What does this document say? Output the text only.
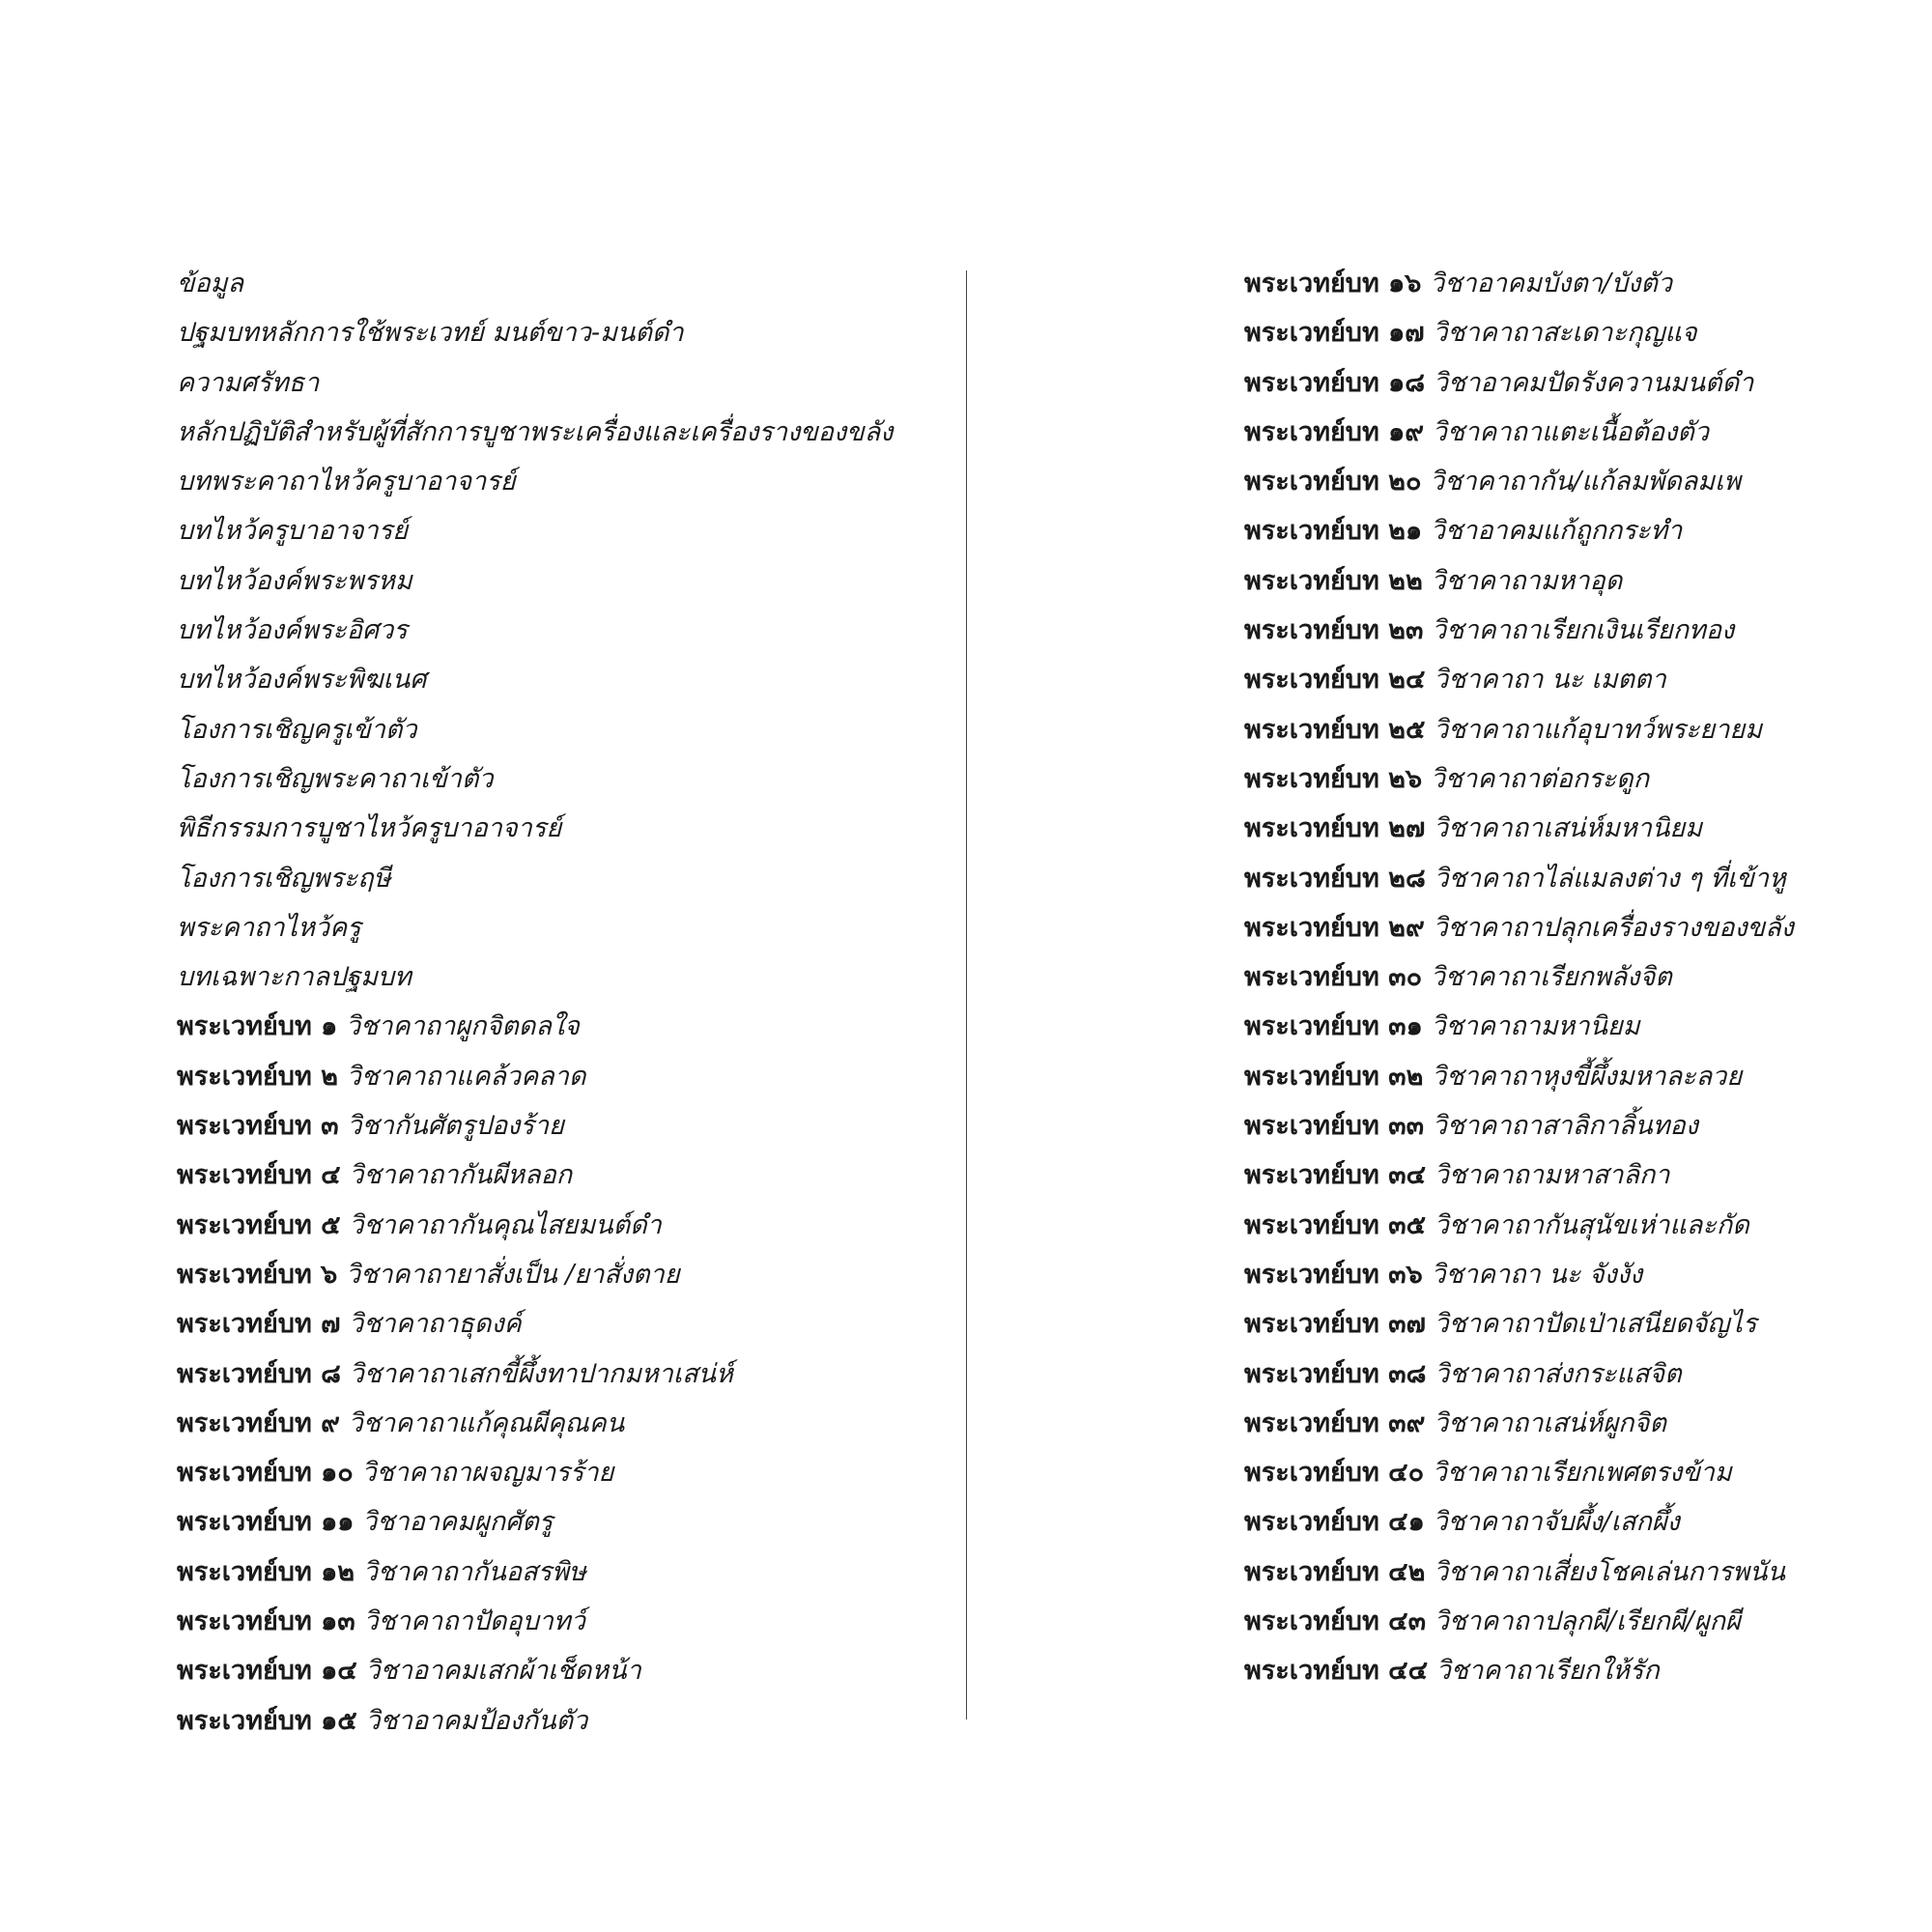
ข้อมูล
ปฐมบทหลักการใช้พระเวทย์ มนต์ขาว-มนต์ดำ
ความศรัทธา
หลักปฏิบัติสำหรับผู้ที่สักการบูชาพระเครื่องและเครื่องรางของขลัง
บทพระคาถาไหว้ครูบาอาจารย์
บทไหว้ครูบาอาจารย์
บทไหว้องค์พระพรหม
บทไหว้องค์พระอิศวร
บทไหว้องค์พระพิฆเนศ
โองการเชิญครูเข้าตัว
โองการเชิญพระคาถาเข้าตัว
พิธีกรรมการบูชาไหว้ครูบาอาจารย์
โองการเชิญพระฤษี
พระคาถาไหว้ครู
บทเฉพาะกาลปฐมบท
พระเวทย์บท ๑ วิชาคาถาผูกจิตดลใจ
พระเวทย์บท ๒ วิชาคาถาแคล้วคลาด
พระเวทย์บท ๓ วิชากันศัตรูปองร้าย
พระเวทย์บท ๔ วิชาคาถากันผีหลอก
พระเวทย์บท ๕ วิชาคาถากันคุณไสยมนต์ดำ
พระเวทย์บท ๖ วิชาคาถายาสั่งเป็น /ยาสั่งตาย
พระเวทย์บท ๗ วิชาคาถาธุดงค์
พระเวทย์บท ๘ วิชาคาถาเสกขี้ผึ้งทาปากมหาเสน่ห์
พระเวทย์บท ๙ วิชาคาถาแก้คุณผีคุณคน
พระเวทย์บท ๑๐ วิชาคาถาผจญมารร้าย
พระเวทย์บท ๑๑ วิชาอาคมผูกศัตรู
พระเวทย์บท ๑๒ วิชาคาถากันอสรพิษ
พระเวทย์บท ๑๓ วิชาคาถาปัดอุบาทว์
พระเวทย์บท ๑๔ วิชาอาคมเสกผ้าเช็ดหน้า
พระเวทย์บท ๑๕ วิชาอาคมป้องกันตัว
พระเวทย์บท ๑๖ วิชาอาคมบังตา/บังตัว
พระเวทย์บท ๑๗ วิชาคาถาสะเดาะกุญแจ
พระเวทย์บท ๑๘ วิชาอาคมปัดรังควานมนต์ดำ
พระเวทย์บท ๑๙ วิชาคาถาแตะเนื้อต้องตัว
พระเวทย์บท ๒๐ วิชาคาถากัน/แก้ลมพัดลมเพ
พระเวทย์บท ๒๑ วิชาอาคมแก้ถูกกระทำ
พระเวทย์บท ๒๒ วิชาคาถามหาอุด
พระเวทย์บท ๒๓ วิชาคาถาเรียกเงินเรียกทอง
พระเวทย์บท ๒๔ วิชาคาถา นะ เมตตา
พระเวทย์บท ๒๕ วิชาคาถาแก้อุบาทว์พระยายม
พระเวทย์บท ๒๖ วิชาคาถาต่อกระดูก
พระเวทย์บท ๒๗ วิชาคาถาเสน่ห์มหานิยม
พระเวทย์บท ๒๘ วิชาคาถาไล่แมลงต่าง ๆ ที่เข้าหู
พระเวทย์บท ๒๙ วิชาคาถาปลุกเครื่องรางของขลัง
พระเวทย์บท ๓๐ วิชาคาถาเรียกพลังจิต
พระเวทย์บท ๓๑ วิชาคาถามหานิยม
พระเวทย์บท ๓๒ วิชาคาถาหุงขี้ผึ้งมหาละลวย
พระเวทย์บท ๓๓ วิชาคาถาสาลิกาลิ้นทอง
พระเวทย์บท ๓๔ วิชาคาถามหาสาลิกา
พระเวทย์บท ๓๕ วิชาคาถากันสุนัขเห่าและกัด
พระเวทย์บท ๓๖ วิชาคาถา นะ จังงัง
พระเวทย์บท ๓๗ วิชาคาถาปัดเป่าเสนียดจัญไร
พระเวทย์บท ๓๘ วิชาคาถาส่งกระแสจิต
พระเวทย์บท ๓๙ วิชาคาถาเสน่ห์ผูกจิต
พระเวทย์บท ๔๐ วิชาคาถาเรียกเพศตรงข้าม
พระเวทย์บท ๔๑ วิชาคาถาจับผึ้ง/เสกผึ้ง
พระเวทย์บท ๔๒ วิชาคาถาเสี่ยงโชคเล่นการพนัน
พระเวทย์บท ๔๓ วิชาคาถาปลุกผี/เรียกผี/ผูกผี
พระเวทย์บท ๔๔ วิชาคาถาเรียกให้รัก
